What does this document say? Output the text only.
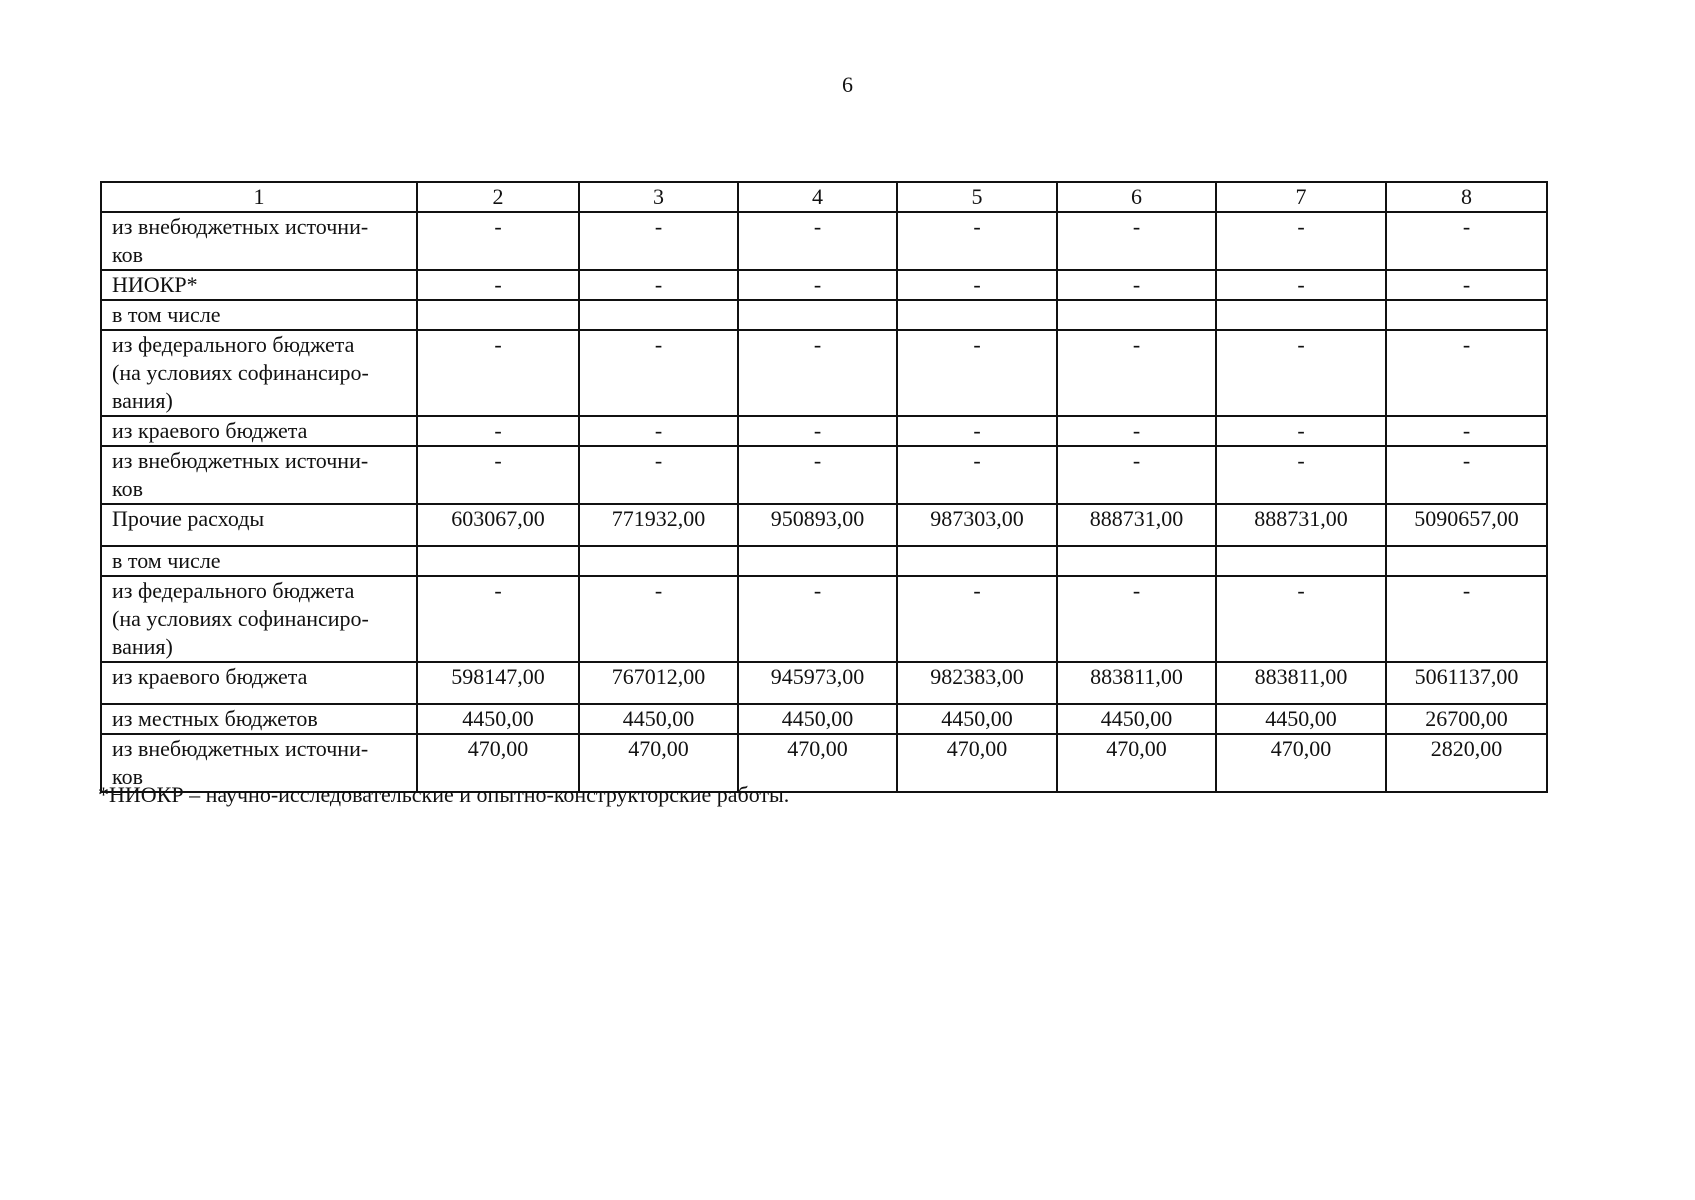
6
1	2	3	4	5	6	7	8
из внебюджетных источни-
ков	-	-	-	-	-	-	-
НИОКР*	-	-	-	-	-	-	-
в том числе							
из федерального бюджета
(на условиях софинансиро-
вания)	-	-	-	-	-	-	-
из краевого бюджета	-	-	-	-	-	-	-
из внебюджетных источни-
ков	-	-	-	-	-	-	-
Прочие расходы	603067,00	771932,00	950893,00	987303,00	888731,00	888731,00	5090657,00
в том числе							
из федерального бюджета
(на условиях софинансиро-
вания)	-	-	-	-	-	-	-
из краевого бюджета	598147,00	767012,00	945973,00	982383,00	883811,00	883811,00	5061137,00
из местных бюджетов	4450,00	4450,00	4450,00	4450,00	4450,00	4450,00	26700,00
из внебюджетных источни-
ков	470,00	470,00	470,00	470,00	470,00	470,00	2820,00
*НИОКР – научно-исследовательские и опытно-конструкторские работы.
